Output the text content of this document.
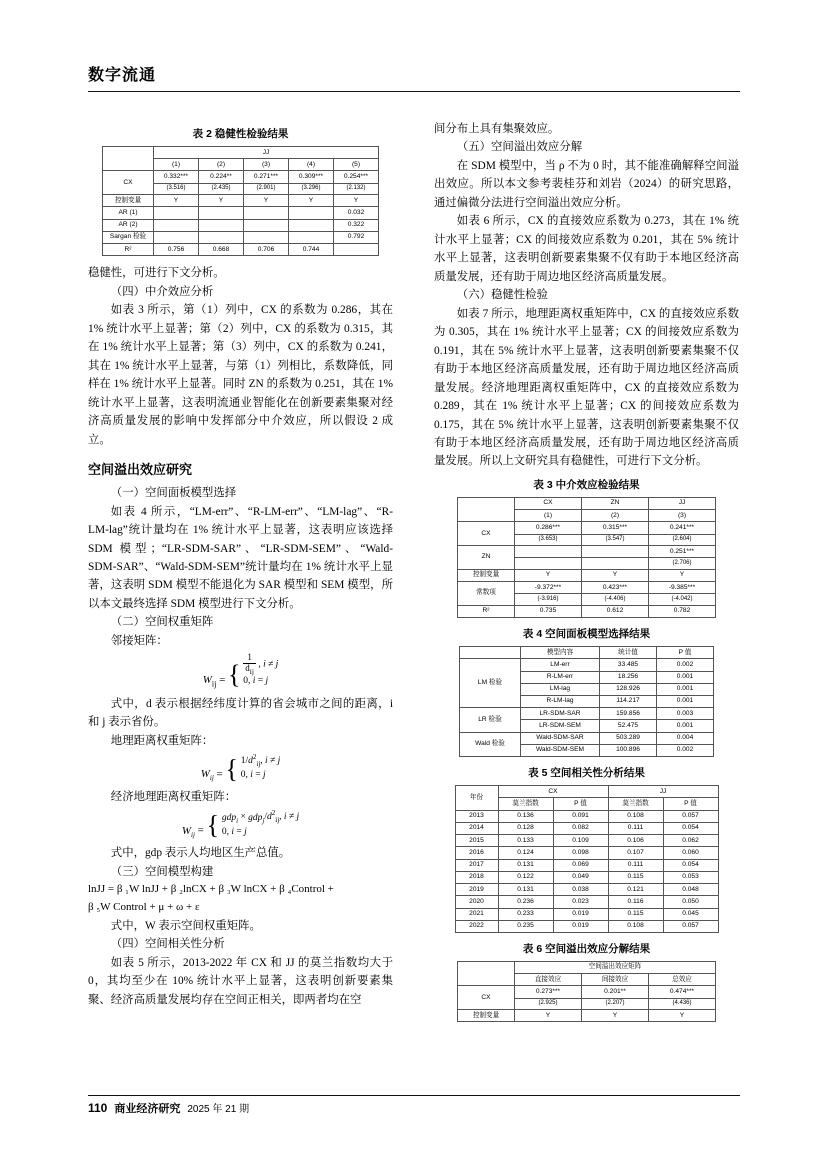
数字流通
表 2 稳健性检验结果
	JJ				
	(1)	(2)	(3)	(4)	(5)
CX	0.332***	0.224**	0.271***	0.309***	0.254***
	(3.516)	(2.435)	(2.901)	(3.296)	(2.132)
控制变量	Y	Y	Y	Y	Y
AR (1)					0.032
AR (2)					0.322
Sargan 检验					0.792
R²	0.756	0.668	0.706	0.744	

稳健性，可进行下文分析。

（四）中介效应分析

如表 3 所示，第（1）列中，CX 的系数为 0.286，其在 1% 统计水平上显著；第（2）列中，CX 的系数为 0.315，其在 1% 统计水平上显著；第（3）列中，CX 的系数为 0.241，其在 1% 统计水平上显著，与第（1）列相比，系数降低，同样在 1% 统计水平上显著。同时 ZN 的系数为 0.251，其在 1% 统计水平上显著，这表明流通业智能化在创新要素集聚对经济高质量发展的影响中发挥部分中介效应，所以假设 2 成立。

空间溢出效应研究

（一）空间面板模型选择

如表 4 所示，“LM-err”、“R-LM-err”、“LM-lag”、“R-LM-lag”统计量均在 1% 统计水平上显著，这表明应该选择 SDM 模型；“LR-SDM-SAR”、“LR-SDM-SEM”、“Wald-SDM-SAR”、“Wald-SDM-SEM”统计量均在 1% 统计水平上显著，这表明 SDM 模型不能退化为 SAR 模型和 SEM 模型，所以本文最终选择 SDM 模型进行下文分析。

（二）空间权重矩阵

邻接矩阵：

$W_{ij}$ = { $\frac{1}{d_{ij}}$ , i ≠ j
0, i = j

式中，d 表示根据经纬度计算的省会城市之间的距离，i 和 j 表示省份。

地理距离权重矩阵：

$W_{ij}$ = { $1/d^2_{ij}$, i ≠ j
0, i = j

经济地理距离权重矩阵：

$W_{ij}$ = { $gdp_i \times gdp_j/d^2_{ij}$, i ≠ j
0, i = j

式中，gdp 表示人均地区生产总值。

（三）空间模型构建

lnJJ = β ₁W lnJJ + β ₂lnCX + β ₃W lnCX + β ₄Control +

β ₅W Control + μ + ω + ε

式中，W 表示空间权重矩阵。

（四）空间相关性分析

如表 5 所示，2013-2022 年 CX 和 JJ 的莫兰指数均大于 0，其均至少在 10% 统计水平上显著，这表明创新要素集聚、经济高质量发展均存在空间正相关，即两者均在空

间分布上具有集聚效应。

（五）空间溢出效应分解

在 SDM 模型中，当 ρ 不为 0 时，其不能准确解释空间溢出效应。所以本文参考裴桂芬和刘岩（2024）的研究思路，通过偏微分法进行空间溢出效应分析。

如表 6 所示，CX 的直接效应系数为 0.273，其在 1% 统计水平上显著；CX 的间接效应系数为 0.201，其在 5% 统计水平上显著，这表明创新要素集聚不仅有助于本地区经济高质量发展，还有助于周边地区经济高质量发展。

（六）稳健性检验

如表 7 所示，地理距离权重矩阵中，CX 的直接效应系数为 0.305，其在 1% 统计水平上显著；CX 的间接效应系数为 0.191，其在 5% 统计水平上显著，这表明创新要素集聚不仅有助于本地区经济高质量发展，还有助于周边地区经济高质量发展。经济地理距离权重矩阵中，CX 的直接效应系数为 0.289，其在 1% 统计水平上显著；CX 的间接效应系数为 0.175，其在 5% 统计水平上显著，这表明创新要素集聚不仅有助于本地区经济高质量发展，还有助于周边地区经济高质量发展。所以上文研究具有稳健性，可进行下文分析。

表 3 中介效应检验结果
	CX	ZN	JJ
	(1)	(2)	(3)
CX	0.286***	0.315***	0.241***
	(3.653)	(3.547)	(2.604)
ZN			0.251***
			(2.706)
控制变量	Y	Y	Y
常数项	-9.372***	0.423***	-9.385***
	(-3.916)	(-4.406)	(-4.042)
R²	0.735	0.612	0.782
表 4 空间面板模型选择结果
	模型内容	统计值	P 值
LM 检验	LM-err	33.485	0.002
	R-LM-err	18.256	0.001
	LM-lag	128.926	0.001
	R-LM-lag	114.217	0.001
LR 检验	LR-SDM-SAR	159.856	0.003
	LR-SDM-SEM	52.475	0.001
Wald 检验	Wald-SDM-SAR	503.289	0.004
	Wald-SDM-SEM	100.896	0.002
表 5 空间相关性分析结果
年份	CX		JJ	
	莫兰指数	P 值	莫兰指数	P 值
2013	0.136	0.091	0.108	0.057
2014	0.128	0.082	0.111	0.054
2015	0.133	0.109	0.106	0.062
2016	0.124	0.098	0.107	0.060
2017	0.131	0.069	0.111	0.054
2018	0.122	0.049	0.115	0.053
2019	0.131	0.038	0.121	0.048
2020	0.236	0.023	0.116	0.050
2021	0.233	0.019	0.115	0.045
2022	0.235	0.019	0.108	0.057
表 6 空间溢出效应分解结果
	空间溢出效应矩阵		
	直接效应	间接效应	总效应
CX	0.273***	0.201**	0.474***
	(2.925)	(2.207)	(4.436)
控制变量	Y	Y	Y
110 商业经济研究 2025 年 21 期
